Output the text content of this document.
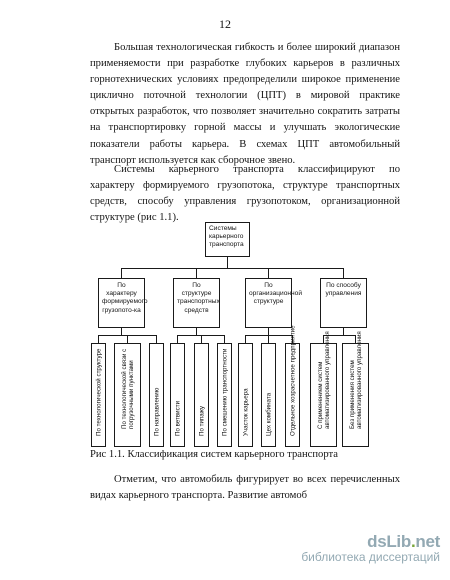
12

Большая технологическая гибкость и более широкий диапазон применяемости при разработке глубоких карьеров в различных горнотехнических условиях предопределили широкое применение циклично поточной технологии (ЦПТ) в мировой практике открытых разработок, что позволяет значительно сократить затраты на транспортировку горной массы и улучшать экологические показатели работы карьера. В схемах ЦПТ автомобильный транспорт используется как сборочное звено.

Системы карьерного транспорта классифицируют по характеру формируемого грузопотока, структуре транспортных средств, способу управления грузопотоком, организационной структуре (рис 1.1).

Системы карьерного транспорта
По характеру формируемого грузопото-ка
По структуре транспортных средств
По организационной структуре
По способу управления
По технологической структуре	По технологической связи с погрузочными пунктами	По направлению По ветвисти	По типажу	По смешению транспортности Участок карьера	Цех комбината	Отдельное хозрасчетное предприятие	С применением систем автоматизированного управления	Без применения систем автоматизированного управления
Рис 1.1. Классификация систем карьерного транспорта

Отметим, что автомобиль фигурирует во всех перечисленных видах карьерного транспорта. Развитие автомоб

dsLib.net
библиотека диссертаций
